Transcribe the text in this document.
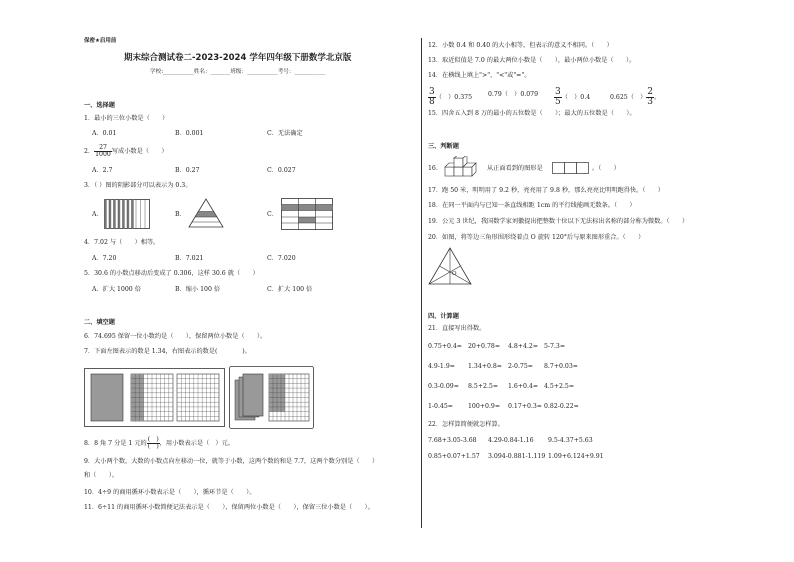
保密★启用前
期末综合测试卷二-2023-2024 学年四年级下册数学北京版
学校:___________姓名：_______班级：___________考号：___________
一、选择题
1．最小的三位小数是（　　）
A．0.01	B．0.001	C．无法确定
2． $\frac{27}{1000}$ 写成小数是（　　）
A．2.7	B．0.27	C．0.027
3．（ ）图的阴影部分可以表示为 0.3。
A．	B．	C．
4．7.02 与（　　）相等。
A．7.20	B．7.021	C．7.020
5．30.6 的小数点移动后变成了 0.306，这样 30.6 就（　　）
A．扩大 1000 倍	B．缩小 100 倍	C．扩大 100 倍
二、填空题
6．74.695 保留一位小数约是（　　），保留两位小数是（　　）。
7．下面左图表示的数是 1.34，右图表示的数是(　　　　)。
8．8 角 7 分是 1 元的 $\frac{( )}{( )}$ ，用小数表示是（　）元。
9．大小两个数，大数的小数点向左移动一位，就等于小数，这两个数的和是 7.7，这两个数分别是（　　）
和（　　）。
10．4÷9 的商用循环小数表示是（　　），循环节是（　　）。
11．6÷11 的商用循环小数简便记法表示是（　　），保留两位小数是（　　），保留三位小数是（　　）。
12．小数 0.4 和 0.40 的大小相等，但表示的意义不相同。（　　）
13．取近似值是 7.0 的最大两位小数是（　　），最小两位小数是（　　）。
14．在横线上填上">"、"<"或"="。
$\frac{3}{8}$ （　）0.375	0.79（　）$0.079 \frac{3}{5}$ （　）0.4	0.625（　） $\frac{2}{3}$ 。
15．四舍五入到 8 万的最小的五位数是（　　）；最大的五位数是（　　）。
三、判断题
16．	从正面看到的图形是	。（　　）
17．跑 50 米，明明用了 9.2 秒，亮亮用了 9.8 秒，那么亮亮比明明跑得快。（　　）
18．在同一平面内与已知一条直线相距 1cm 的平行线能画无数条。（　　）
19．公元 3 世纪，我国数学家刘徽提出把整数十位以下无法标出名称的部分称为微数。（　　）
20．如图，将等边三角形围形绕着点 O 旋转 120°后与原来图形重合。（　　）
O
四、计算题
21．直接写出得数。
0.75+0.4= 20+0.78= 4.8+4.2= 5-7.3=
4.9-1.9= 1.34+0.8= 2-0.75= 8.7+0.03=
0.3-0.09= 8.5+2.5= 1.6+0.4= 4.5+2.5=
1-0.45= 100+0.9= 0.17+0.3= 0.82-0.22=
22．怎样算简便就怎样算。
7.68+3.05-3.68 4.29-0.84-1.16 9.5-4.37+5.63
0.85+0.07+1.57 3.094-0.881-1.119 1.09+6.124+9.91
